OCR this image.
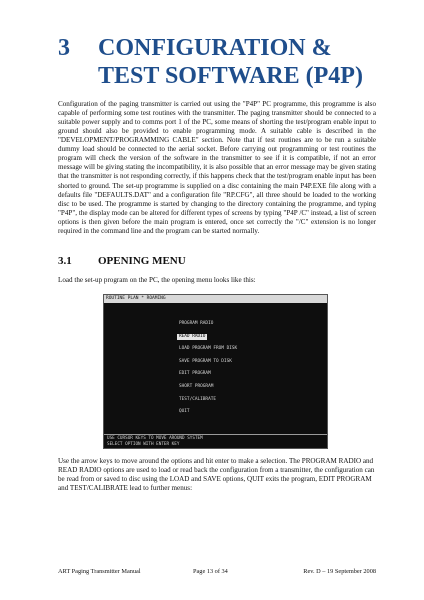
3 CONFIGURATION & TEST SOFTWARE (P4P)

Configuration of the paging transmitter is carried out using the "P4P" PC programme, this programme is also capable of performing some test routines with the transmitter. The paging transmitter should be connected to a suitable power supply and to comms port 1 of the PC, some means of shorting the test/program enable input to ground should also be provided to enable programming mode. A suitable cable is described in the "DEVELOPMENT/PROGRAMMING CABLE" section. Note that if test routines are to be run a suitable dummy load should be connected to the aerial socket. Before carrying out programming or test routines the program will check the version of the software in the transmitter to see if it is compatible, if not an error message will be giving stating the incompatibility, it is also possible that an error message may be given stating that the transmitter is not responding correctly, if this happens check that the test/program enable input has been shorted to ground. The set-up programme is supplied on a disc containing the main P4P.EXE file along with a defaults file "DEFAULTS.DAT" and a configuration file "RP.CFG", all three should be loaded to the working disc to be used. The programme is started by changing to the directory containing the programme, and typing "P4P", the display mode can be altered for different types of screens by typing "P4P /C" instead, a list of screen options is then given before the main program is entered, once set correctly the "/C" extension is no longer required in the command line and the program can be started normally.

3.1 OPENING MENU

Load the set-up program on the PC, the opening menu looks like this:

ROUTINE PLAN * ROAMING
PROGRAM RADIO
READ RADIO
LOAD PROGRAM FROM DISK
SAVE PROGRAM TO DISK
EDIT PROGRAM
SHORT PROGRAM
TEST/CALIBRATE
QUIT
USE CURSOR KEYS TO MOVE AROUND SYSTEM
SELECT OPTION WITH ENTER KEY

Use the arrow keys to move around the options and hit enter to make a selection. The PROGRAM RADIO and READ RADIO options are used to load or read back the configuration from a transmitter, the configuration can be read from or saved to disc using the LOAD and SAVE options, QUIT exits the program, EDIT PROGRAM and TEST/CALIBRATE lead to further menus:

ART Paging Transmitter Manual	Page 13 of 34	Rev. D – 19 September 2008
